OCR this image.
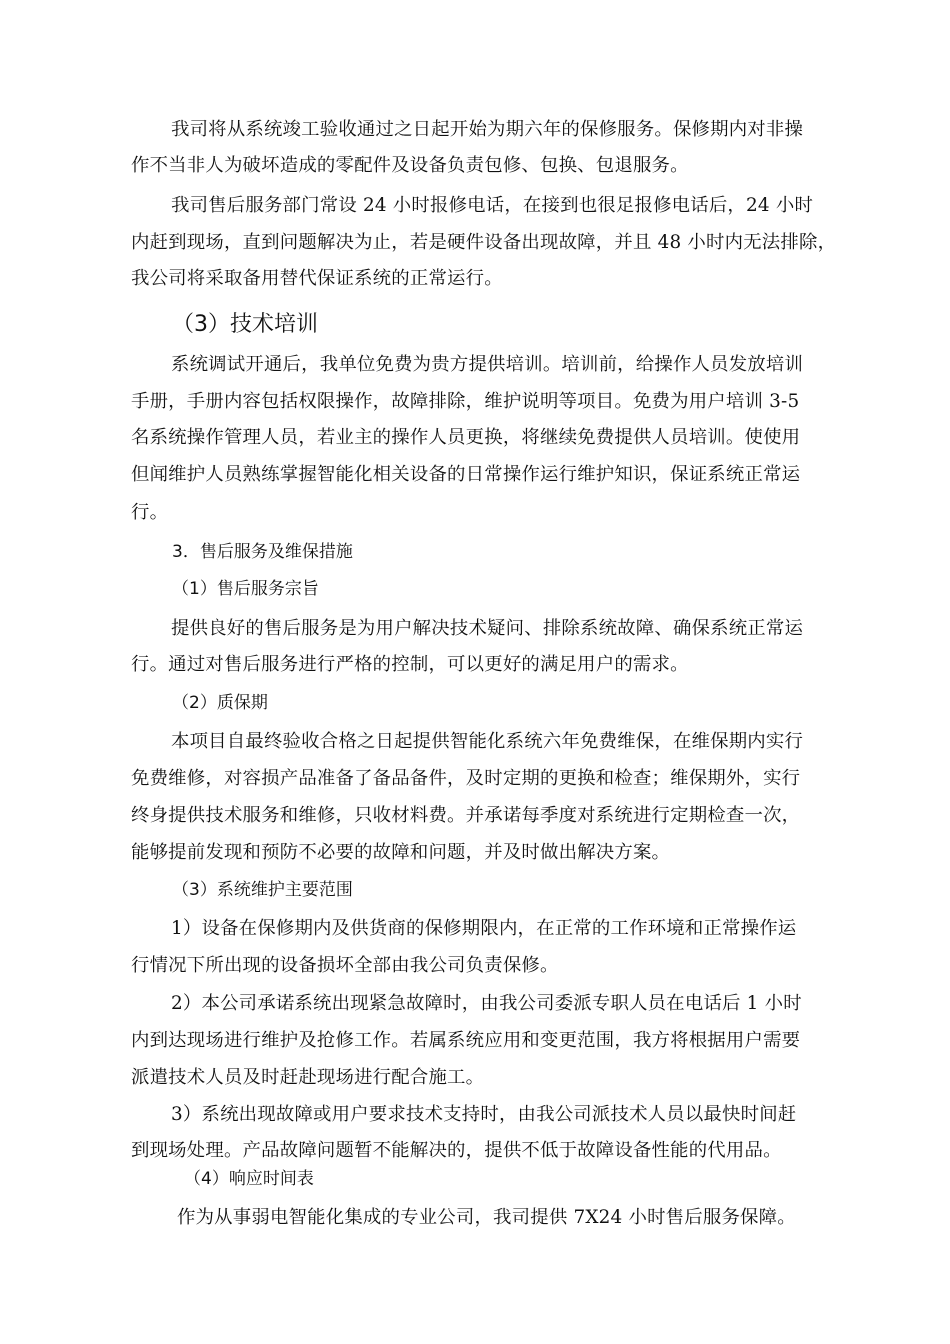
我司将从系统竣工验收通过之日起开始为期六年的保修服务。保修期内对非操
作不当非人为破坏造成的零配件及设备负责包修、包换、包退服务。
我司售后服务部门常设 24 小时报修电话，在接到也很足报修电话后，24 小时
内赶到现场，直到问题解决为止，若是硬件设备出现故障，并且 48 小时内无法排除，
我公司将采取备用替代保证系统的正常运行。
（3）技术培训
系统调试开通后，我单位免费为贵方提供培训。培训前，给操作人员发放培训
手册，手册内容包括权限操作，故障排除，维护说明等项目。免费为用户培训 3-5
名系统操作管理人员，若业主的操作人员更换，将继续免费提供人员培训。使使用
但闻维护人员熟练掌握智能化相关设备的日常操作运行维护知识，保证系统正常运
行。
3．售后服务及维保措施
（1）售后服务宗旨
提供良好的售后服务是为用户解决技术疑问、排除系统故障、确保系统正常运
行。通过对售后服务进行严格的控制，可以更好的满足用户的需求。
（2）质保期
本项目自最终验收合格之日起提供智能化系统六年免费维保，在维保期内实行
免费维修，对容损产品准备了备品备件，及时定期的更换和检查；维保期外，实行
终身提供技术服务和维修，只收材料费。并承诺每季度对系统进行定期检查一次，
能够提前发现和预防不必要的故障和问题，并及时做出解决方案。
（3）系统维护主要范围
1）设备在保修期内及供货商的保修期限内，在正常的工作环境和正常操作运
行情况下所出现的设备损坏全部由我公司负责保修。
2）本公司承诺系统出现紧急故障时，由我公司委派专职人员在电话后 1 小时
内到达现场进行维护及抢修工作。若属系统应用和变更范围，我方将根据用户需要
派遣技术人员及时赶赴现场进行配合施工。
3）系统出现故障或用户要求技术支持时，由我公司派技术人员以最快时间赶
到现场处理。产品故障问题暂不能解决的，提供不低于故障设备性能的代用品。
（4）响应时间表
作为从事弱电智能化集成的专业公司，我司提供 7X24 小时售后服务保障。
